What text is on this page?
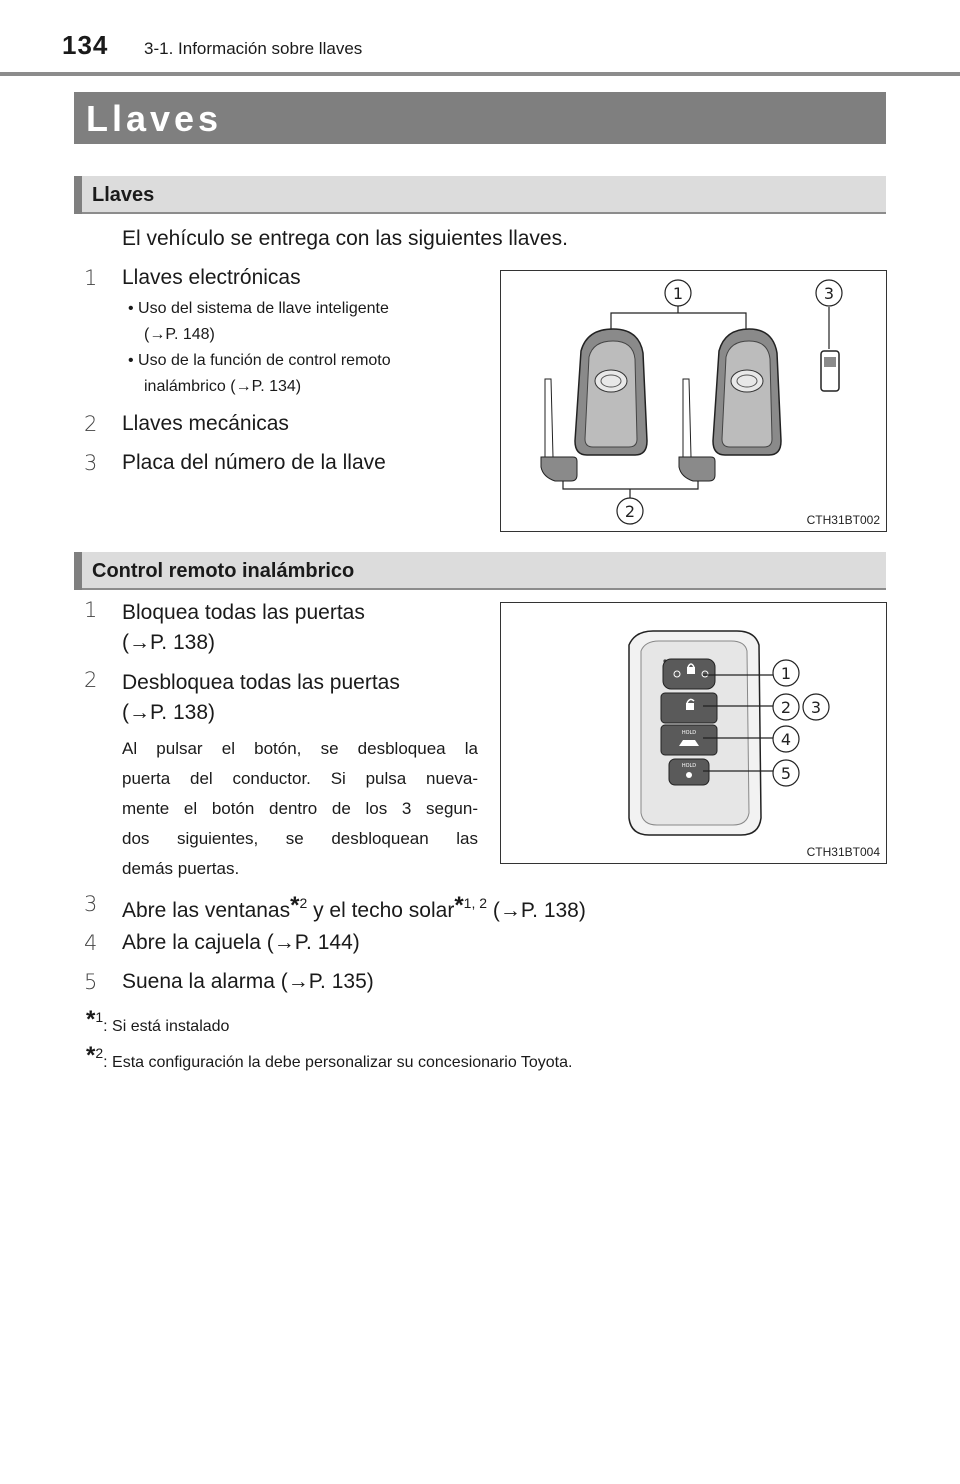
134 3-1. Información sobre llaves
Llaves
Llaves
El vehículo se entrega con las siguientes llaves.
1 Llaves electrónicas
• Uso del sistema de llave inteligente
(→P. 148)
• Uso de la función de control remoto
inalámbrico (→P. 134)
2 Llaves mecánicas
3 Placa del número de la llave
1	3
2	CTH31BT002
Control remoto inalámbrico
1 Bloquea todas las puertas
(→P. 138)
2 Desbloquea todas las puertas
(→P. 138)
Al pulsar el botón, se desbloquea la
puerta del conductor. Si pulsa nueva-
mente el botón dentro de los 3 segun-
dos siguientes, se desbloquean las
demás puertas.
3 Abre las ventanas*$^2$ y el techo solar*$^{1, 2}$ (→P. 138)
4 Abre la cajuela (→P. 144)
5 Suena la alarma (→P. 135)
HOLD
HOLD
1
2 3
4
5
CTH31BT004
*$^1$: Si está instalado
*$^2$: Esta configuración la debe personalizar su concesionario Toyota.
